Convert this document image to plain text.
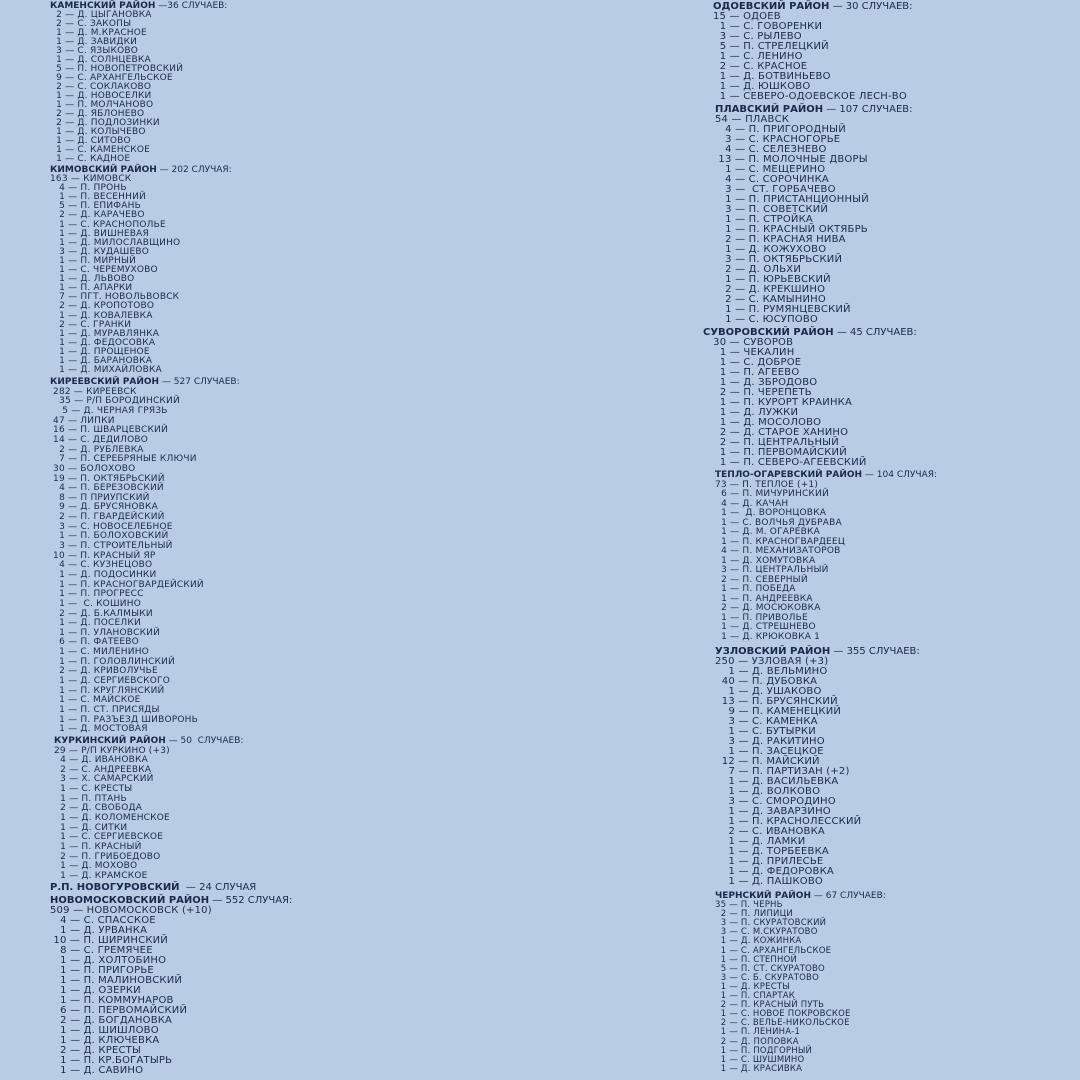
КАМЕНСКИЙ РАЙОН —36 СЛУЧАЕВ:
2 — Д. ЦЫГАНОВКА
2 — С. ЗАКОПЫ
1 — Д. М.КРАСНОЕ
1 — Д. ЗАВИДКИ
3 — С. ЯЗЫКОВО
1 — Д. СОЛНЦЕВКА
5 — П. НОВОПЕТРОВСКИЙ
9 — С. АРХАНГЕЛЬСКОЕ
2 — С. СОКЛАКОВО
1 — Д. НОВОСЕЛКИ
1 — П. МОЛЧАНОВО
2 — Д. ЯБЛОНЕВО
2 — Д. ПОДЛОЗИНКИ
1 — Д. КОЛЫЧЕВО
1 — Д. СИТОВО
1 — С. КАМЕНСКОЕ
1 — С. КАДНОЕ
КИМОВСКИЙ РАЙОН — 202 СЛУЧАЯ:
163 — КИМОВСК
4 — П. ПРОНЬ
1 — П. ВЕСЕННИЙ
5 — П. ЕПИФАНЬ
2 — Д. КАРАЧЕВО
1 — С. КРАСНОПОЛЬЕ
1 — Д. ВИШНЕВАЯ
1 — Д. МИЛОСЛАВЩИНО
3 — Д. КУДАШЕВО
1 — П. МИРНЫЙ
1 — С. ЧЕРЕМУХОВО
1 — Д. ЛЬВОВО
1 — П. АПАРКИ
7 — ПГТ. НОВОЛЬВОВСК
2 — Д. КРОПОТОВО
1 — Д. КОВАЛЕВКА
2 — С. ГРАНКИ
1 — Д. МУРАВЛЯНКА
1 — Д. ФЕДОСОВКА
1 — Д. ПРОЩЕНОЕ
1 — Д. БАРАНОВКА
1 — Д. МИХАЙЛОВКА
КИРЕЕВСКИЙ РАЙОН — 527 СЛУЧАЕВ:
282 — КИРЕЕВСК
35 — Р/П БОРОДИНСКИЙ
5 — Д. ЧЕРНАЯ ГРЯЗЬ
47 — ЛИПКИ
16 — П. ШВАРЦЕВСКИЙ
14 — С. ДЕДИЛОВО
2 — Д. РУБЛЕВКА
7 — П. СЕРЕБРЯНЫЕ КЛЮЧИ
30 — БОЛОХОВО
19 — П. ОКТЯБРЬСКИЙ
4 — П. БЕРЕЗОВСКИЙ
8 — П ПРИУПСКИЙ
9 — Д. БРУСЯНОВКА
2 — П. ГВАРДЕЙСКИЙ
3 — С. НОВОСЕЛЕБНОЕ
1 — П. БОЛОХОВСКИЙ
3 — П. СТРОИТЕЛЬНЫЙ
10 — П. КРАСНЫЙ ЯР
4 — С. КУЗНЕЦОВО
1 — Д. ПОДОСИНКИ
1 — П. КРАСНОГВАРДЕЙСКИЙ
1 — П. ПРОГРЕСС
1 —  С. КОШИНО
2 — Д. Б.КАЛМЫКИ
1 — Д. ПОСЕЛКИ
1 — П. УЛАНОВСКИЙ
6 — П. ФАТЕЕВО
1 — С. МИЛЕНИНО
1 — П. ГОЛОВЛИНСКИЙ
2 — Д. КРИВОЛУЧЬЕ
1 — Д. СЕРГИЕВСКОГО
1 — П. КРУГЛЯНСКИЙ
1 — С. МАЙСКОЕ
1 — П. СТ. ПРИСЯДЫ
1 — П. РАЗЪЕЗД ШИВОРОНЬ
1 — Д. МОСТОВАЯ
КУРКИНСКИЙ РАЙОН — 50  СЛУЧАЕВ:
29 — Р/П КУРКИНО (+3)
4 — Д. ИВАНОВКА
2 — С. АНДРЕЕВКА
3 — Х. САМАРСКИЙ
1 — С. КРЕСТЫ
1 — П. ПТАНЬ
2 — Д. СВОБОДА
1 — Д. КОЛОМЕНСКОЕ
1 — Д. СИТКИ
1 — С. СЕРГИЕВСКОЕ
1 — П. КРАСНЫЙ
2 — П. ГРИБОЕДОВО
1 — Д. МОХОВО
1 — Д. КРАМСКОЕ
Р.П. НОВОГУРОВСКИЙ  — 24 СЛУЧАЯ
НОВОМОСКОВСКИЙ РАЙОН — 552 СЛУЧАЯ:
509 — НОВОМОСКОВСК (+10)
4 — С. СПАССКОЕ
1 — Д. УРВАНКА
10 — П. ШИРИНСКИЙ
8 — С. ГРЕМЯЧЕЕ
1 — Д. ХОЛТОБИНО
1 — П. ПРИГОРЬЕ
1 — П. МАЛИНОВСКИЙ
1 — Д. ОЗЕРКИ
1 — П. КОММУНАРОВ
6 — П. ПЕРВОМАЙСКИЙ
2 — Д. БОГДАНОВКА
1 — Д. ШИШЛОВО
1 — Д. КЛЮЧЕВКА
2 — Д. КРЕСТЫ
1 — П. КР.БОГАТЫРЬ
1 — Д. САВИНО
ОДОЕВСКИЙ РАЙОН — 30 СЛУЧАЕВ:
15 — ОДОЕВ
1 — С. ГОВОРЕНКИ
3 — С. РЫЛЕВО
5 — П. СТРЕЛЕЦКИЙ
1 — С. ЛЕНИНО
2 — С. КРАСНОЕ
1 — Д. БОТВИНЬЕВО
1 — Д. ЮШКОВО
1 — СЕВЕРО-ОДОЕВСКОЕ ЛЕСН-ВО
ПЛАВСКИЙ РАЙОН — 107 СЛУЧАЕВ:
54 — ПЛАВСК
4 — П. ПРИГОРОДНЫЙ
3 — С. КРАСНОГОРЬЕ
4 — С. СЕЛЕЗНЕВО
13 — П. МОЛОЧНЫЕ ДВОРЫ
1 — С. МЕЩЕРИНО
4 — С. СОРОЧИНКА
3 —  СТ. ГОРБАЧЕВО
1 — П. ПРИСТАНЦИОННЫЙ
3 — П. СОВЕТСКИЙ
1 — П. СТРОЙКА
1 — П. КРАСНЫЙ ОКТЯБРЬ
2 — П. КРАСНАЯ НИВА
1 — Д. КОЖУХОВО
3 — П. ОКТЯБРЬСКИЙ
2 — Д. ОЛЬХИ
1 — П. ЮРЬЕВСКИЙ
2 — Д. КРЕКШИНО
2 — С. КАМЫНИНО
1 — П. РУМЯНЦЕВСКИЙ
1 — С. ЮСУПОВО
СУВОРОВСКИЙ РАЙОН — 45 СЛУЧАЕВ:
30 — СУВОРОВ
1 — ЧЕКАЛИН
1 — С. ДОБРОЕ
1 — П. АГЕЕВО
1 — Д. ЗБРОДОВО
2 — П. ЧЕРЕПЕТЬ
1 — П. КУРОРТ КРАИНКА
1 — Д. ЛУЖКИ
1 — Д. МОСОЛОВО
2 — Д. СТАРОЕ ХАНИНО
2 — П. ЦЕНТРАЛЬНЫЙ
1 — П. ПЕРВОМАЙСКИЙ
1 — П. СЕВЕРО-АГЕЕВСКИЙ
ТЕПЛО-ОГАРЕВСКИЙ РАЙОН — 104 СЛУЧАЯ:
73 — П. ТЕПЛОЕ (+1)
6 — П. МИЧУРИНСКИЙ
4 — Д. КАЧАН
1 —  Д. ВОРОНЦОВКА
1 — С. ВОЛЧЬЯ ДУБРАВА
1 — Д. М. ОГАРЕВКА
1 — П. КРАСНОГВАРДЕЕЦ
4 — П. МЕХАНИЗАТОРОВ
1 — Д. ХОМУТОВКА
3 — П. ЦЕНТРАЛЬНЫЙ
2 — П. СЕВЕРНЫЙ
1 — П. ПОБЕДА
1 — П. АНДРЕЕВКА
2 — Д. МОСЮКОВКА
1 — П. ПРИВОЛЬЕ
1 — Д. СТРЕШНЕВО
1 — Д. КРЮКОВКА 1
УЗЛОВСКИЙ РАЙОН — 355 СЛУЧАЕВ:
250 — УЗЛОВАЯ (+3)
1 — Д. ВЕЛЬМИНО
40 — П. ДУБОВКА
1 — Д. УШАКОВО
13 — П. БРУСЯНСКИЙ
9 — П. КАМЕНЕЦКИЙ
3 — С. КАМЕНКА
1 — С. БУТЫРКИ
3 — Д. РАКИТИНО
1 — П. ЗАСЕЦКОЕ
12 — П. МАЙСКИЙ
7 — П. ПАРТИЗАН (+2)
1 — Д. ВАСИЛЬЕВКА
1 — Д. ВОЛКОВО
3 — С. СМОРОДИНО
1 — Д. ЗАВАРЗИНО
1 — П. КРАСНОЛЕССКИЙ
2 — С. ИВАНОВКА
1 — Д. ЛАМКИ
1 — Д. ТОРБЕЕВКА
1 — Д. ПРИЛЕСЬЕ
1 — Д. ФЕДОРОВКА
1 — Д. ПАШКОВО
ЧЕРНСКИЙ РАЙОН — 67 СЛУЧАЕВ:
35 — П. ЧЕРНЬ
2 — П. ЛИПИЦИ
3 — П. СКУРАТОВСКИЙ
3 — С. М.СКУРАТОВО
1 — Д. КОЖИНКА
1 — С. АРХАНГЕЛЬСКОЕ
1 — П. СТЕПНОЙ
5 — П. СТ. СКУРАТОВО
3 — С. Б. СКУРАТОВО
1 — Д. КРЕСТЫ
1 — П. СПАРТАК
2 — П. КРАСНЫЙ ПУТЬ
1 — С. НОВОЕ ПОКРОВСКОЕ
2 — С. ВЕЛЬЕ-НИКОЛЬСКОЕ
1 — П. ЛЕНИНА-1
2 — Д. ПОПОВКА
1 — П. ПОДГОРНЫЙ
1 — С. ШУШМИНО
1 — Д. КРАСИВКА
